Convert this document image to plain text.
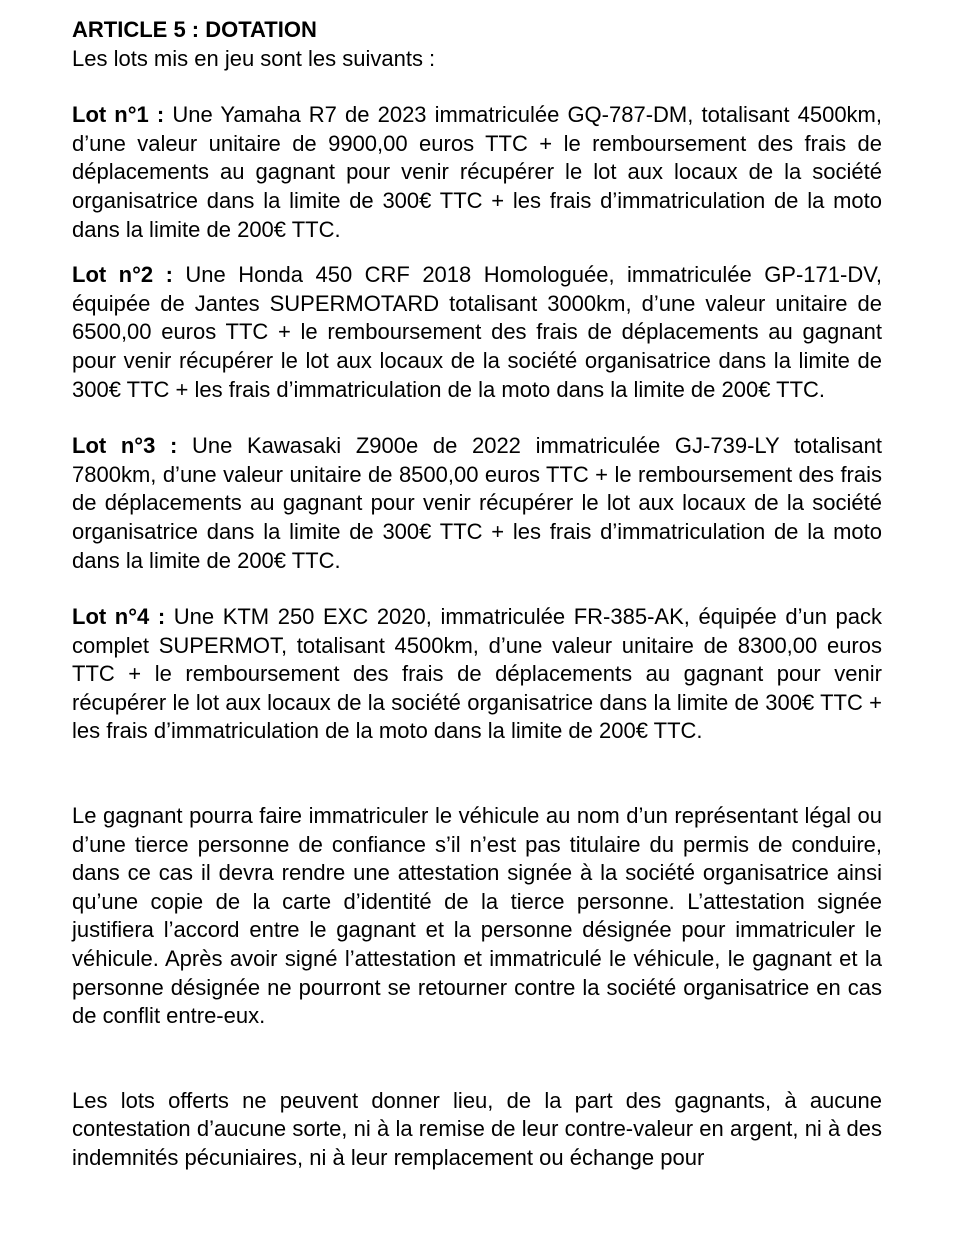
ARTICLE 5 : DOTATION

Les lots mis en jeu sont les suivants :

Lot n°1 : Une Yamaha R7 de 2023 immatriculée GQ-787-DM, totalisant 4500km, d’une valeur unitaire de 9900,00 euros TTC + le remboursement des frais de déplacements au gagnant pour venir récupérer le lot aux locaux de la société organisatrice dans la limite de 300€ TTC + les frais d’immatriculation de la moto dans la limite de 200€ TTC.

Lot n°2 : Une Honda 450 CRF 2018 Homologuée, immatriculée GP-171-DV, équipée de Jantes SUPERMOTARD totalisant 3000km, d’une valeur unitaire de 6500,00 euros TTC + le remboursement des frais de déplacements au gagnant pour venir récupérer le lot aux locaux de la société organisatrice dans la limite de 300€ TTC + les frais d’immatriculation de la moto dans la limite de 200€ TTC.

Lot n°3 : Une Kawasaki Z900e de 2022 immatriculée GJ-739-LY totalisant 7800km, d’une valeur unitaire de 8500,00 euros TTC + le remboursement des frais de déplacements au gagnant pour venir récupérer le lot aux locaux de la société organisatrice dans la limite de 300€ TTC + les frais d’immatriculation de la moto dans la limite de 200€ TTC.

Lot n°4 : Une KTM 250 EXC 2020, immatriculée FR-385-AK, équipée d’un pack complet SUPERMOT, totalisant 4500km, d’une valeur unitaire de 8300,00 euros TTC + le remboursement des frais de déplacements au gagnant pour venir récupérer le lot aux locaux de la société organisatrice dans la limite de 300€ TTC + les frais d’immatriculation de la moto dans la limite de 200€ TTC.

Le gagnant pourra faire immatriculer le véhicule au nom d’un représentant légal ou d’une tierce personne de confiance s’il n’est pas titulaire du permis de conduire, dans ce cas il devra rendre une attestation signée à la société organisatrice ainsi qu’une copie de la carte d’identité de la tierce personne. L’attestation signée justifiera l’accord entre le gagnant et la personne désignée pour immatriculer le véhicule. Après avoir signé l’attestation et immatriculé le véhicule, le gagnant et la personne désignée ne pourront se retourner contre la société organisatrice en cas de conflit entre-eux.

Les lots offerts ne peuvent donner lieu, de la part des gagnants, à aucune contestation d’aucune sorte, ni à la remise de leur contre-valeur en argent, ni à des indemnités pécuniaires, ni à leur remplacement ou échange pour
